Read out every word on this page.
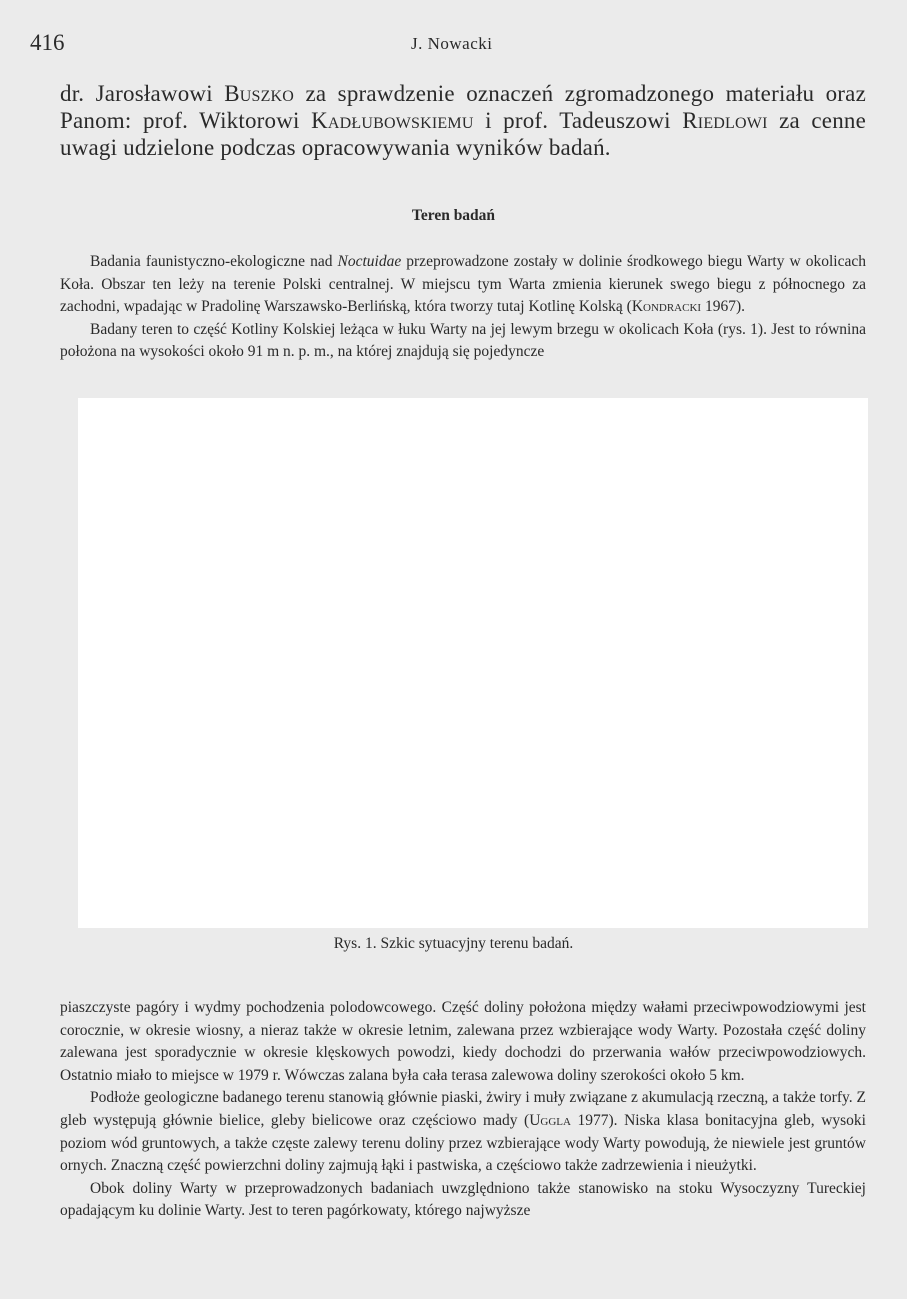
416	J. Nowacki

dr. Jarosławowi Buszko za sprawdzenie oznaczeń zgromadzonego materiału oraz Panom: prof. Wiktorowi Kadłubowskiemu i prof. Tadeuszowi Riedlowi za cenne uwagi udzielone podczas opracowywania wyników badań.

Teren badań
Badania faunistyczno-ekologiczne nad Noctuidae przeprowadzone zostały w dolinie środkowego biegu Warty w okolicach Koła. Obszar ten leży na terenie Polski centralnej. W miejscu tym Warta zmienia kierunek swego biegu z północnego za zachodni, wpadając w Pradolinę Warszawsko-Berlińską, która tworzy tutaj Kotlinę Kolską (Kondracki 1967).
Badany teren to część Kotliny Kolskiej leżąca w łuku Warty na jej lewym brzegu w okolicach Koła (rys. 1). Jest to równina położona na wysokości około 91 m n. p. m., na której znajdują się pojedyncze
Rys. 1. Szkic sytuacyjny terenu badań.
piaszczyste pagóry i wydmy pochodzenia polodowcowego. Część doliny położona między wałami przeciwpowodziowymi jest corocznie, w okresie wiosny, a nieraz także w okresie letnim, zalewana przez wzbierające wody Warty. Pozostała część doliny zalewana jest sporadycznie w okresie klęskowych powodzi, kiedy dochodzi do przerwania wałów przeciwpowodziowych. Ostatnio miało to miejsce w 1979 r. Wówczas zalana była cała terasa zalewowa doliny szerokości około 5 km.
Podłoże geologiczne badanego terenu stanowią głównie piaski, żwiry i muły związane z akumulacją rzeczną, a także torfy. Z gleb występują głównie bielice, gleby bielicowe oraz częściowo mady (Uggla 1977). Niska klasa bonitacyjna gleb, wysoki poziom wód gruntowych, a także częste zalewy terenu doliny przez wzbierające wody Warty powodują, że niewiele jest gruntów ornych. Znaczną część powierzchni doliny zajmują łąki i pastwiska, a częściowo także zadrzewienia i nieużytki.
Obok doliny Warty w przeprowadzonych badaniach uwzględniono także stanowisko na stoku Wysoczyzny Tureckiej opadającym ku dolinie Warty. Jest to teren pagórkowaty, którego najwyższe
